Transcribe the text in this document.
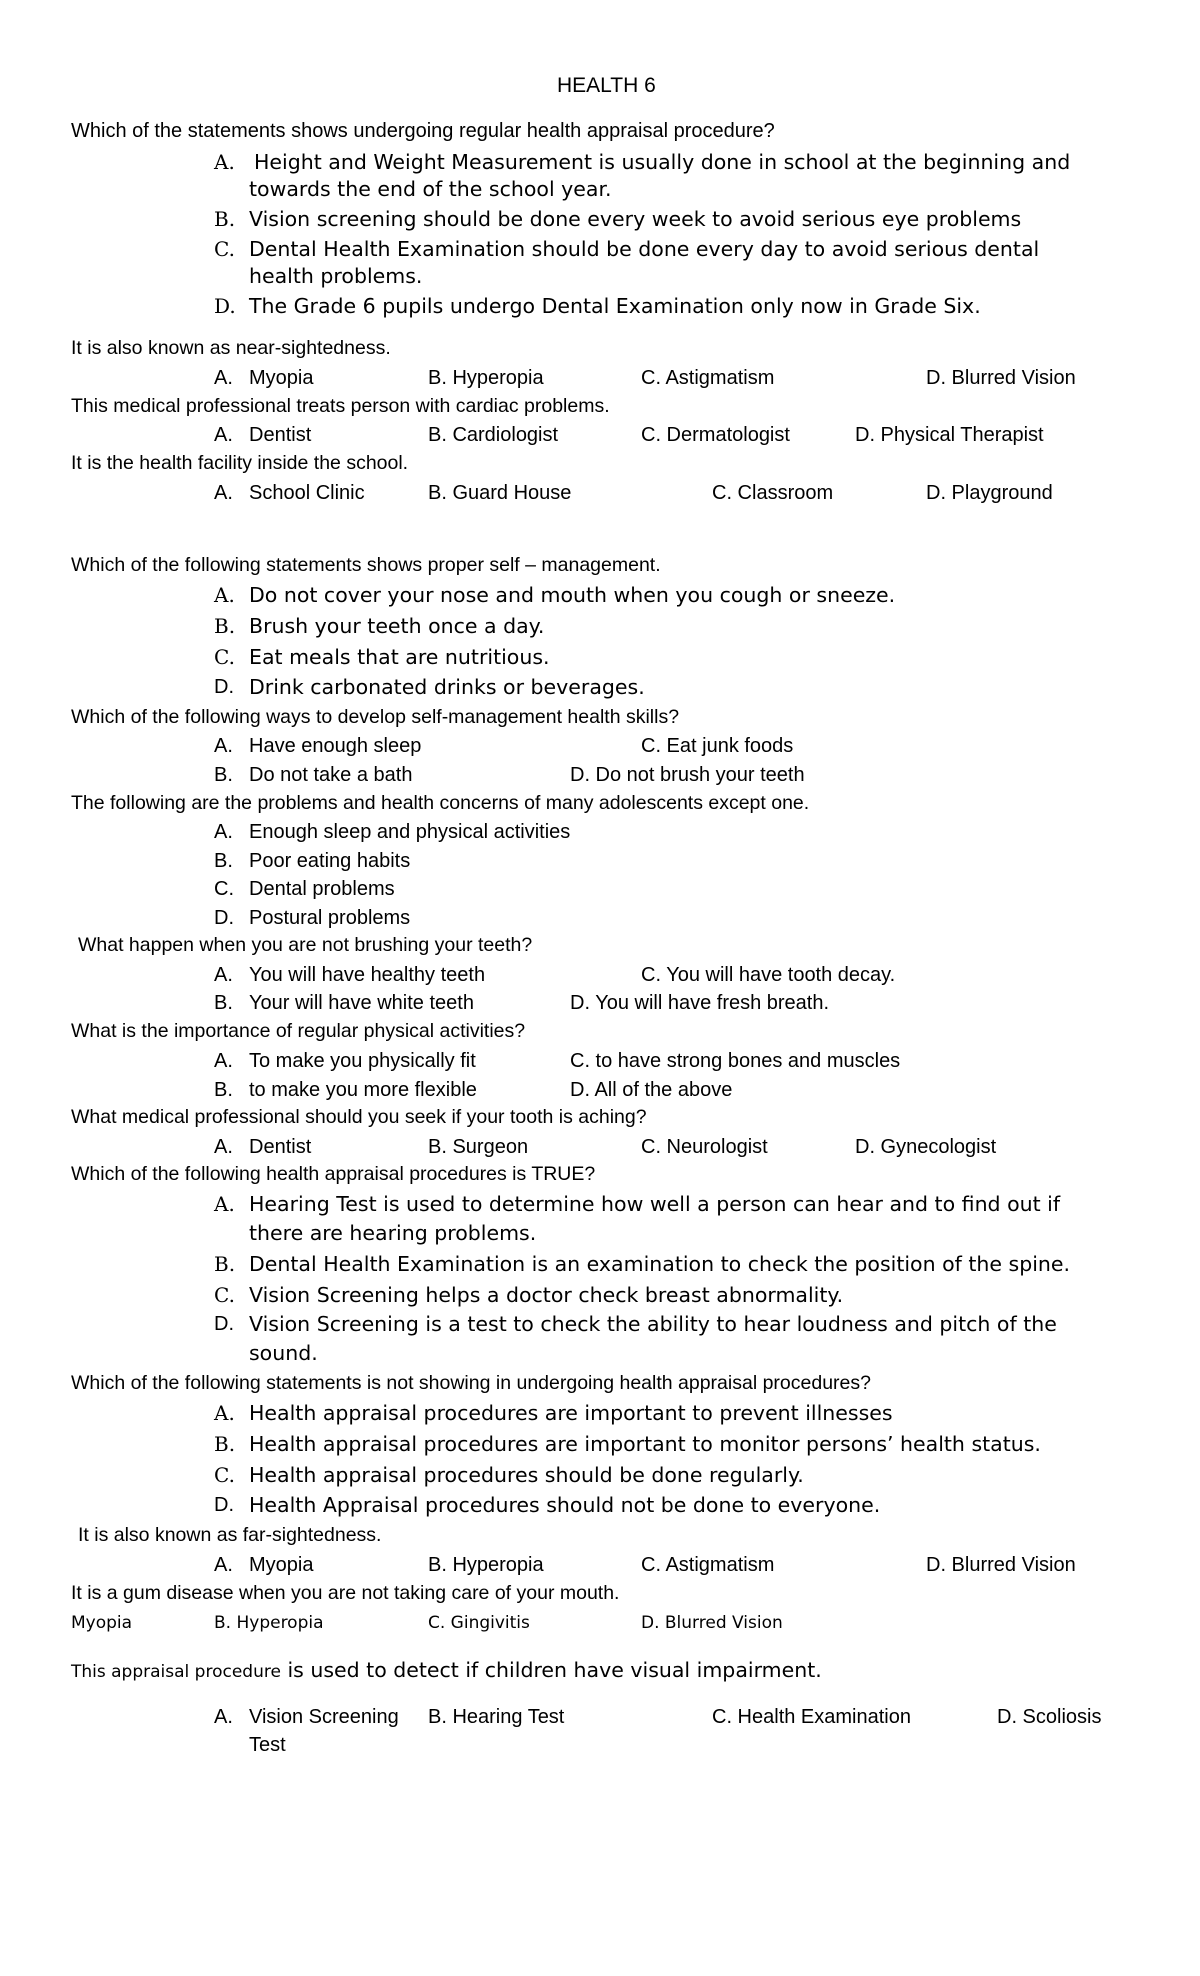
HEALTH 6
Which of the statements shows undergoing regular health appraisal procedure?
A. Height and Weight Measurement is usually done in school at the beginning and
towards the end of the school year.
B. Vision screening should be done every week to avoid serious eye problems
C. Dental Health Examination should be done every day to avoid serious dental
health problems.
D. The Grade 6 pupils undergo Dental Examination only now in Grade Six.
It is also known as near-sightedness.
A. Myopia	B. Hyperopia	C. Astigmatism	D. Blurred Vision
This medical professional treats person with cardiac problems.
A. Dentist	B. Cardiologist	C. Dermatologist	D. Physical Therapist
It is the health facility inside the school.
A. School Clinic	B. Guard House	C. Classroom	D. Playground
Which of the following statements shows proper self – management.
A. Do not cover your nose and mouth when you cough or sneeze.
B. Brush your teeth once a day.
C. Eat meals that are nutritious.
D. Drink carbonated drinks or beverages.
Which of the following ways to develop self-management health skills?
A. Have enough sleep	C. Eat junk foods
B. Do not take a bath	D. Do not brush your teeth
The following are the problems and health concerns of many adolescents except one.
A. Enough sleep and physical activities
B. Poor eating habits
C. Dental problems
D. Postural problems
What happen when you are not brushing your teeth?
A. You will have healthy teeth	C. You will have tooth decay.
B. Your will have white teeth	D. You will have fresh breath.
What is the importance of regular physical activities?
A. To make you physically fit	C. to have strong bones and muscles
B. to make you more flexible	D. All of the above
What medical professional should you seek if your tooth is aching?
A. Dentist	B. Surgeon	C. Neurologist	D. Gynecologist
Which of the following health appraisal procedures is TRUE?
A. Hearing Test is used to determine how well a person can hear and to find out if
there are hearing problems.
B. Dental Health Examination is an examination to check the position of the spine.
C. Vision Screening helps a doctor check breast abnormality.
D. Vision Screening is a test to check the ability to hear loudness and pitch of the
sound.
Which of the following statements is not showing in undergoing health appraisal procedures?
A. Health appraisal procedures are important to prevent illnesses
B. Health appraisal procedures are important to monitor persons’ health status.
C. Health appraisal procedures should be done regularly.
D. Health Appraisal procedures should not be done to everyone.
It is also known as far-sightedness.
A. Myopia	B. Hyperopia	C. Astigmatism	D. Blurred Vision
It is a gum disease when you are not taking care of your mouth.
Myopia	B. Hyperopia	C. Gingivitis	D. Blurred Vision
This appraisal procedure is used to detect if children have visual impairment.
A. Vision Screening B. Hearing Test	C. Health Examination	D. Scoliosis
Test
